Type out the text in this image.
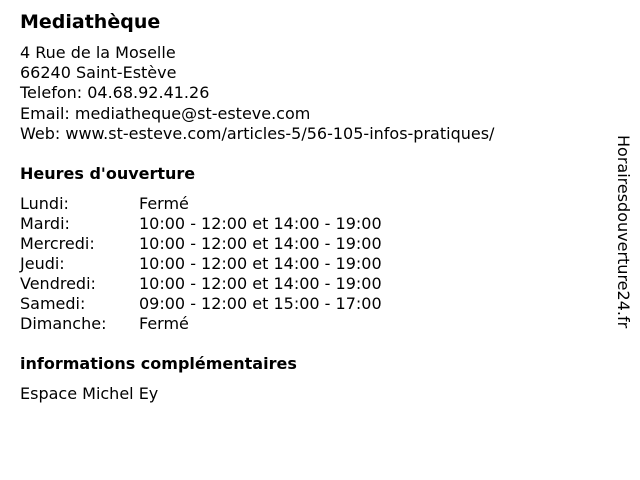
Mediathèque
4 Rue de la Moselle
66240 Saint-Estève
Telefon: 04.68.92.41.26
Email: mediatheque@st-esteve.com
Web: www.st-esteve.com/articles-5/56-105-infos-pratiques/
Heures d'ouverture
Lundi:	Fermé
Mardi:	10:00 - 12:00 et 14:00 - 19:00
Mercredi:	10:00 - 12:00 et 14:00 - 19:00
Jeudi:	10:00 - 12:00 et 14:00 - 19:00
Vendredi:	10:00 - 12:00 et 14:00 - 19:00
Samedi:	09:00 - 12:00 et 15:00 - 17:00
Dimanche: Fermé
informations complémentaires
Espace Michel Ey
Horairesdouverture24.fr
